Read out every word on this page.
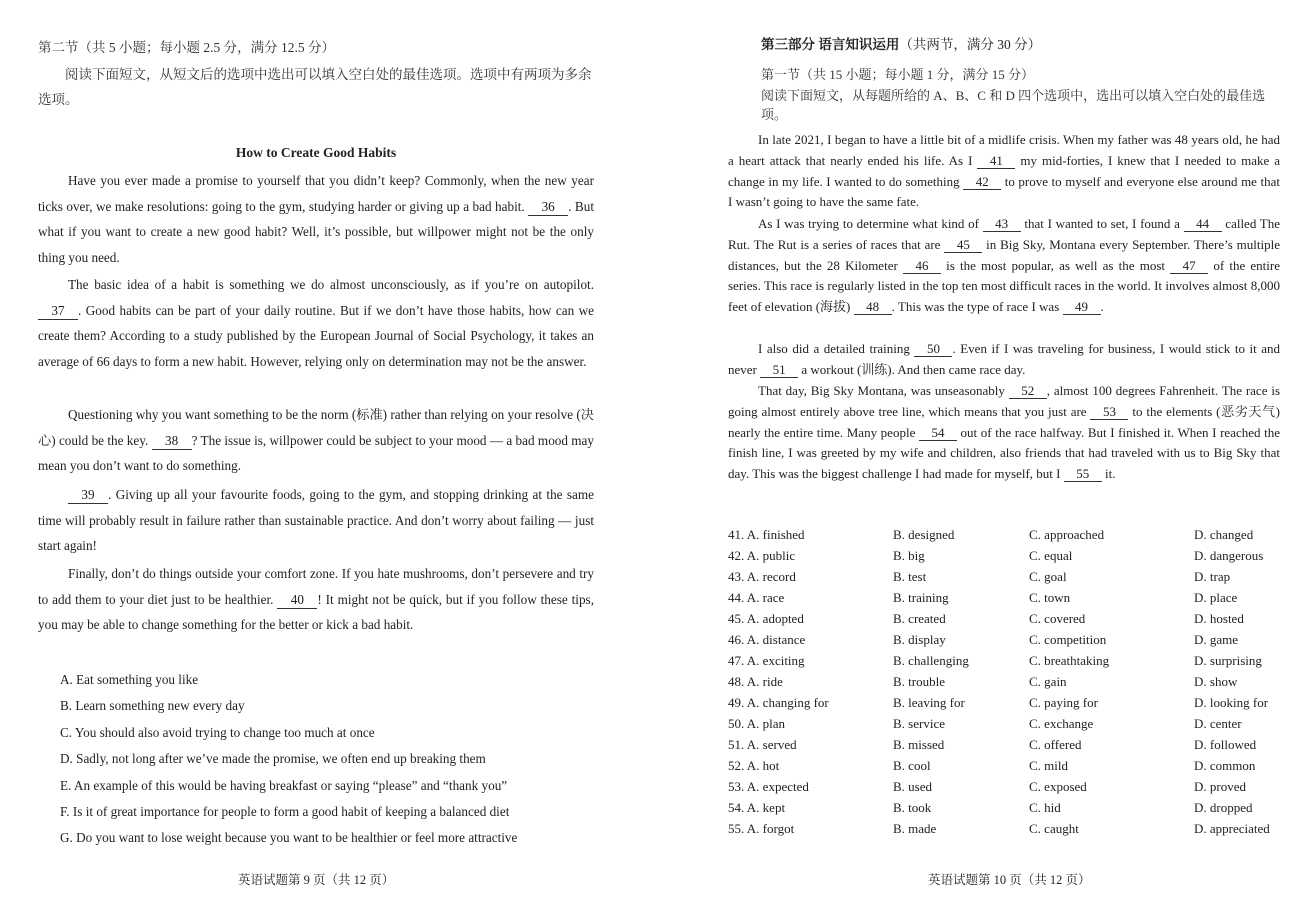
第二节（共 5 小题；每小题 2.5 分，满分 12.5 分）
阅读下面短文，从短文后的选项中选出可以填入空白处的最佳选项。选项中有两项为多余选项。
How to Create Good Habits

Have you ever made a promise to yourself that you didn’t keep? Commonly, when the new year ticks over, we make resolutions: going to the gym, studying harder or giving up a bad habit. 36 . But what if you want to create a new good habit? Well, it’s possible, but willpower might not be the only thing you need.

The basic idea of a habit is something we do almost unconsciously, as if you’re on autopilot. 37 . Good habits can be part of your daily routine. But if we don’t have those habits, how can we create them? According to a study published by the European Journal of Social Psychology, it takes an average of 66 days to form a new habit. However, relying only on determination may not be the answer.

Questioning why you want something to be the norm (标准) rather than relying on your resolve (决心) could be the key. 38 ? The issue is, willpower could be subject to your mood — a bad mood may mean you don’t want to do something.

39 . Giving up all your favourite foods, going to the gym, and stopping drinking at the same time will probably result in failure rather than sustainable practice. And don’t worry about failing — just start again!

Finally, don’t do things outside your comfort zone. If you hate mushrooms, don’t persevere and try to add them to your diet just to be healthier. 40 ! It might not be quick, but if you follow these tips, you may be able to change something for the better or kick a bad habit.

A. Eat something you like
B. Learn something new every day
C. You should also avoid trying to change too much at once
D. Sadly, not long after we’ve made the promise, we often end up breaking them
E. An example of this would be having breakfast or saying “please” and “thank you”
F. Is it of great importance for people to form a good habit of keeping a balanced diet
G. Do you want to lose weight because you want to be healthier or feel more attractive
英语试题第 9 页（共 12 页）
第三部分 语言知识运用（共两节，满分 30 分）
第一节（共 15 小题；每小题 1 分，满分 15 分）
阅读下面短文，从每题所给的 A、B、C 和 D 四个选项中，选出可以填入空白处的最佳选项。

In late 2021, I began to have a little bit of a midlife crisis. When my father was 48 years old, he had a heart attack that nearly ended his life. As I 41 my mid-forties, I knew that I needed to make a change in my life. I wanted to do something 42 to prove to myself and everyone else around me that I wasn’t going to have the same fate.

As I was trying to determine what kind of 43 that I wanted to set, I found a 44 called The Rut. The Rut is a series of races that are 45 in Big Sky, Montana every September. There’s multiple distances, but the 28 Kilometer 46 is the most popular, as well as the most 47 of the entire series. This race is regularly listed in the top ten most difficult races in the world. It involves almost 8,000 feet of elevation (海拔) 48 . This was the type of race I was 49 .

I also did a detailed training 50 . Even if I was traveling for business, I would stick to it and never 51 a workout (训练). And then came race day.

That day, Big Sky Montana, was unseasonably 52 , almost 100 degrees Fahrenheit. The race is going almost entirely above tree line, which means that you just are 53 to the elements (恶劣天气) nearly the entire time. Many people 54 out of the race halfway. But I finished it. When I reached the finish line, I was greeted by my wife and children, also friends that had traveled with us to Big Sky that day. This was the biggest challenge I had made for myself, but I 55 it.

41. A. finished	B. designed	C. approached	D. changed
42. A. public	B. big	C. equal	D. dangerous
43. A. record	B. test	C. goal	D. trap
44. A. race	B. training	C. town	D. place
45. A. adopted	B. created	C. covered	D. hosted
46. A. distance	B. display	C. competition	D. game
47. A. exciting	B. challenging	C. breathtaking	D. surprising
48. A. ride	B. trouble	C. gain	D. show
49. A. changing for	B. leaving for	C. paying for	D. looking for
50. A. plan	B. service	C. exchange	D. center
51. A. served	B. missed	C. offered	D. followed
52. A. hot	B. cool	C. mild	D. common
53. A. expected	B. used	C. exposed	D. proved
54. A. kept	B. took	C. hid	D. dropped
55. A. forgot	B. made	C. caught	D. appreciated
英语试题第 10 页（共 12 页）
